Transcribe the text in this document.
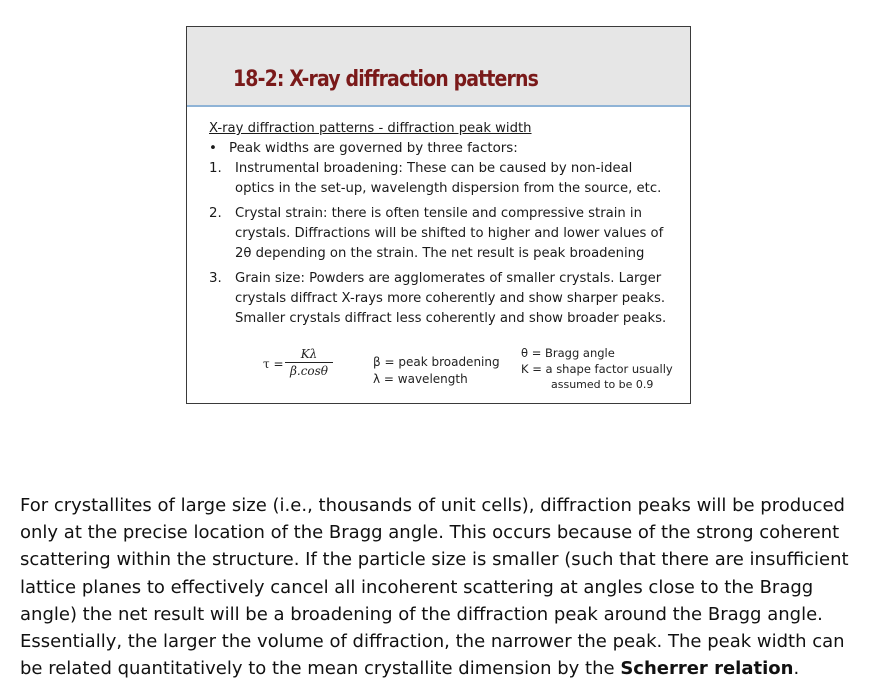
18-2: X-ray diffraction patterns

X-ray diffraction patterns - diffraction peak width

• Peak widths are governed by three factors:
1.	Instrumental broadening: These can be caused by non-ideal
optics in the set-up, wavelength dispersion from the source, etc.
2.	Crystal strain: there is often tensile and compressive strain in
crystals. Diffractions will be shifted to higher and lower values of
2θ depending on the strain. The net result is peak broadening
3.	Grain size: Powders are agglomerates of smaller crystals. Larger
crystals diffract X-rays more coherently and show sharper peaks.
Smaller crystals diffract less coherently and show broader peaks.
$\tau = \frac{K\lambda}{\beta.\cos\theta}$	β = peak broadening
λ = wavelength
θ = Bragg angle
K = a shape factor usually
assumed to be 0.9

For crystallites of large size (i.e., thousands of unit cells), diffraction peaks will be produced
only at the precise location of the Bragg angle. This occurs because of the strong coherent
scattering within the structure. If the particle size is smaller (such that there are insufficient
lattice planes to effectively cancel all incoherent scattering at angles close to the Bragg
angle) the net result will be a broadening of the diffraction peak around the Bragg angle.
Essentially, the larger the volume of diffraction, the narrower the peak. The peak width can
be related quantitatively to the mean crystallite dimension by the Scherrer relation.
